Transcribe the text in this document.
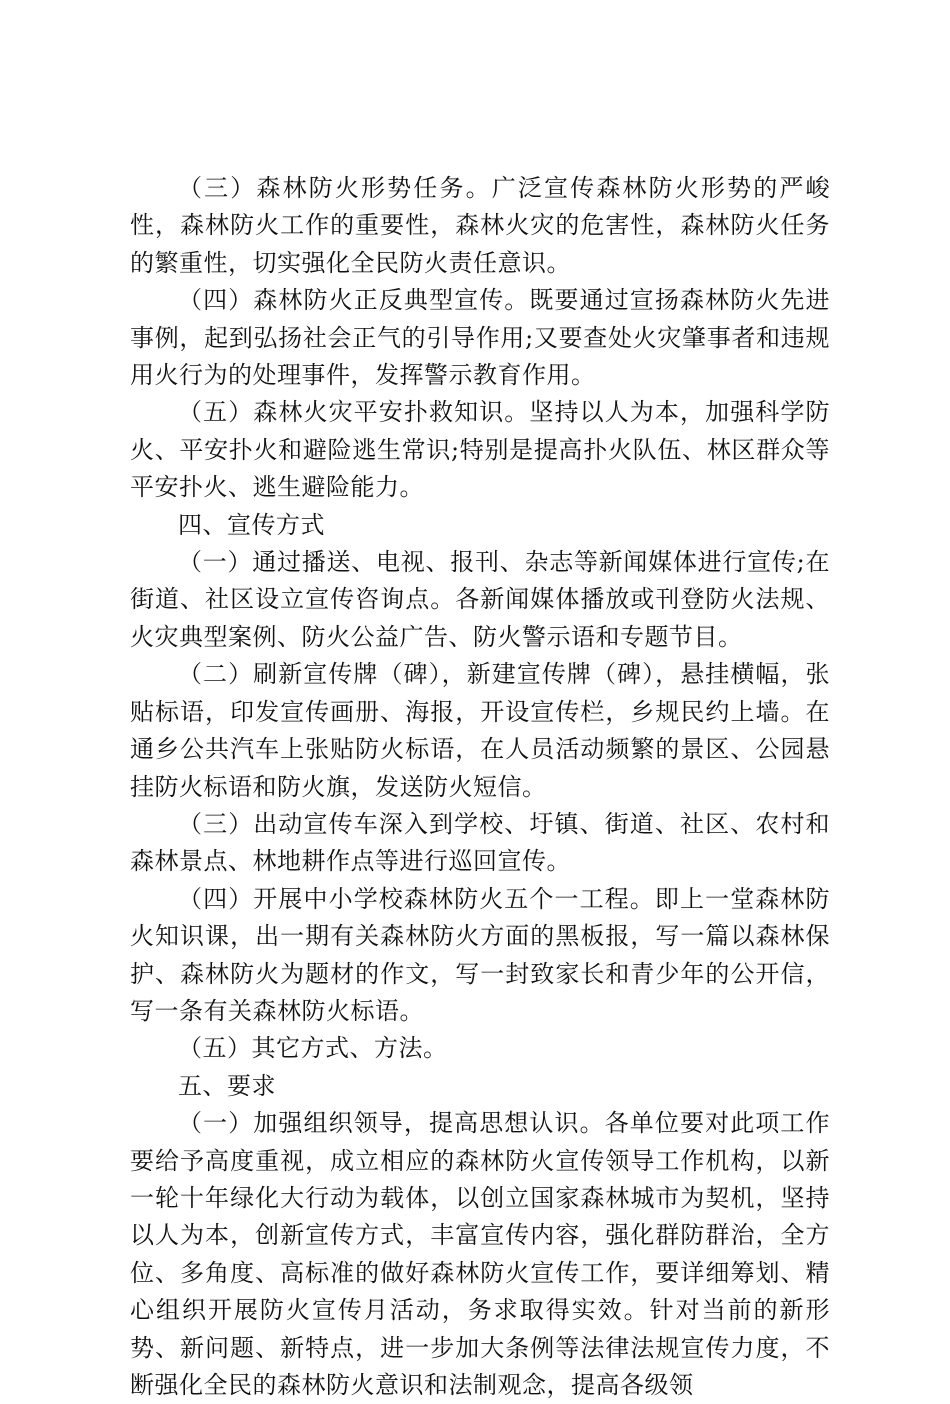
（三）森林防火形势任务。广泛宣传森林防火形势的严峻性，森林防火工作的重要性，森林火灾的危害性，森林防火任务的繁重性，切实强化全民防火责任意识。

（四）森林防火正反典型宣传。既要通过宣扬森林防火先进事例，起到弘扬社会正气的引导作用;又要查处火灾肇事者和违规用火行为的处理事件，发挥警示教育作用。

（五）森林火灾平安扑救知识。坚持以人为本，加强科学防火、平安扑火和避险逃生常识;特别是提高扑火队伍、林区群众等平安扑火、逃生避险能力。

四、宣传方式

（一）通过播送、电视、报刊、杂志等新闻媒体进行宣传;在街道、社区设立宣传咨询点。各新闻媒体播放或刊登防火法规、火灾典型案例、防火公益广告、防火警示语和专题节目。

（二）刷新宣传牌（碑），新建宣传牌（碑），悬挂横幅，张贴标语，印发宣传画册、海报，开设宣传栏，乡规民约上墙。在通乡公共汽车上张贴防火标语，在人员活动频繁的景区、公园悬挂防火标语和防火旗，发送防火短信。

（三）出动宣传车深入到学校、圩镇、街道、社区、农村和森林景点、林地耕作点等进行巡回宣传。

（四）开展中小学校森林防火五个一工程。即上一堂森林防火知识课，出一期有关森林防火方面的黑板报，写一篇以森林保护、森林防火为题材的作文，写一封致家长和青少年的公开信，写一条有关森林防火标语。

（五）其它方式、方法。

五、要求

（一）加强组织领导，提高思想认识。各单位要对此项工作要给予高度重视，成立相应的森林防火宣传领导工作机构，以新一轮十年绿化大行动为载体，以创立国家森林城市为契机，坚持以人为本，创新宣传方式，丰富宣传内容，强化群防群治，全方位、多角度、高标准的做好森林防火宣传工作，要详细筹划、精心组织开展防火宣传月活动，务求取得实效。针对当前的新形势、新问题、新特点，进一步加大条例等法律法规宣传力度，不断强化全民的森林防火意识和法制观念，提高各级领
